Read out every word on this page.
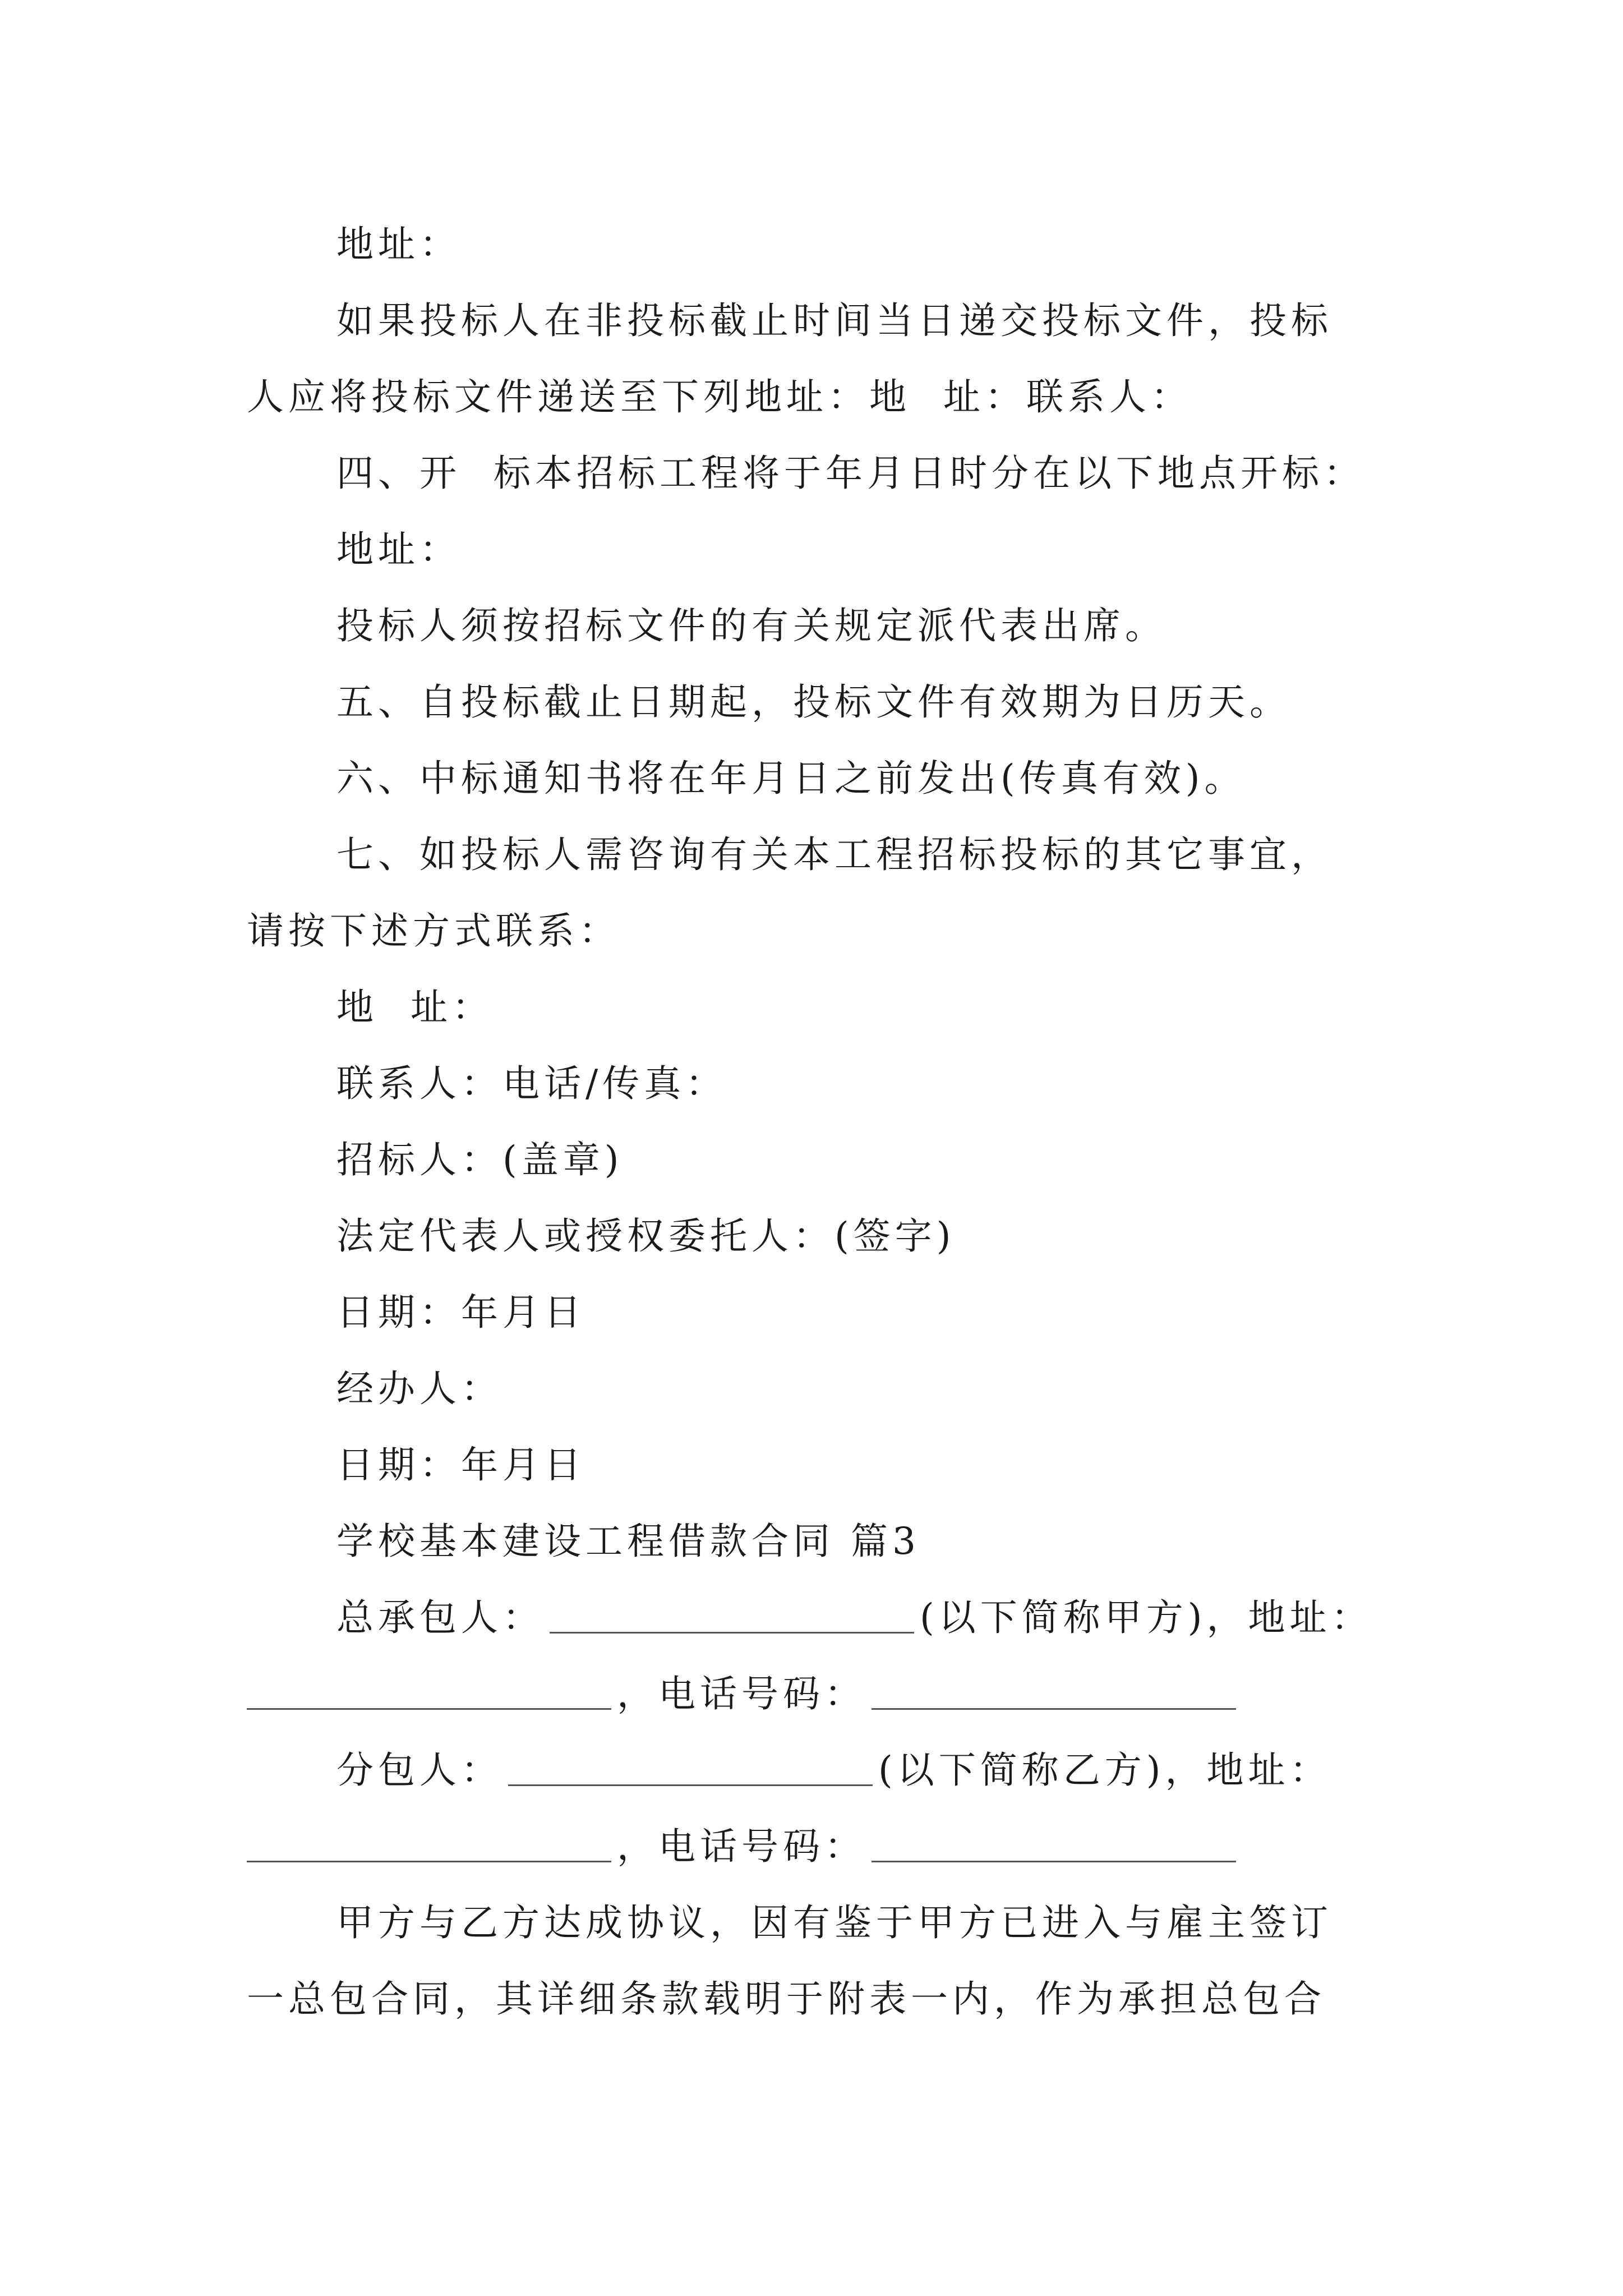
地址：
如果投标人在非投标截止时间当日递交投标文件，投标
人应将投标文件递送至下列地址：地  址：联系人：
四、开  标本招标工程将于年月日时分在以下地点开标：
地址：
投标人须按招标文件的有关规定派代表出席。
五、自投标截止日期起，投标文件有效期为日历天。
六、中标通知书将在年月日之前发出(传真有效)。
七、如投标人需咨询有关本工程招标投标的其它事宜，
请按下述方式联系：
地  址：
联系人：电话/传真：
招标人：(盖章)
法定代表人或授权委托人：(签字)
日期：年月日
经办人：
日期：年月日
学校基本建设工程借款合同 篇3
总承包人：	(以下简称甲方)，地址：
，电话号码：
分包人：	(以下简称乙方)，地址：
，电话号码：
甲方与乙方达成协议，因有鉴于甲方已进入与雇主签订
一总包合同，其详细条款载明于附表一内，作为承担总包合
